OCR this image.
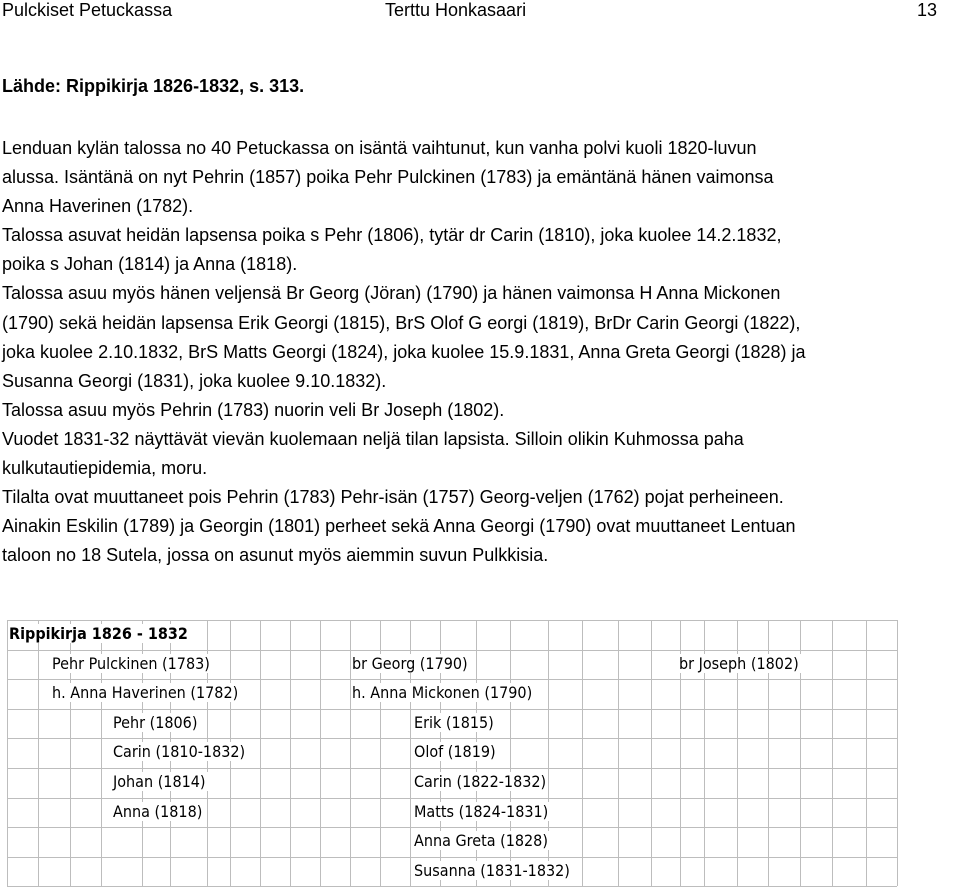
Pulckiset Petuckassa	Terttu Honkasaari	13
Lähde: Rippikirja 1826-1832, s. 313.

Lenduan kylän talossa no 40 Petuckassa on isäntä vaihtunut, kun vanha polvi kuoli 1820-luvun

alussa. Isäntänä on nyt Pehrin (1857) poika Pehr Pulckinen (1783) ja emäntänä hänen vaimonsa

Anna Haverinen (1782).

Talossa asuvat heidän lapsensa poika s Pehr (1806), tytär dr Carin (1810), joka kuolee 14.2.1832,

poika s Johan (1814) ja Anna (1818).

Talossa asuu myös hänen veljensä Br Georg (Jöran) (1790) ja hänen vaimonsa H Anna Mickonen

(1790) sekä heidän lapsensa Erik Georgi (1815), BrS Olof G eorgi (1819), BrDr Carin Georgi (1822),

joka kuolee 2.10.1832, BrS Matts Georgi (1824), joka kuolee 15.9.1831, Anna Greta Georgi (1828) ja

Susanna Georgi (1831), joka kuolee 9.10.1832).

Talossa asuu myös Pehrin (1783) nuorin veli Br Joseph (1802).

Vuodet 1831-32 näyttävät vievän kuolemaan neljä tilan lapsista. Silloin olikin Kuhmossa paha

kulkutautiepidemia, moru.

Tilalta ovat muuttaneet pois Pehrin (1783) Pehr-isän (1757) Georg-veljen (1762) pojat perheineen.

Ainakin Eskilin (1789) ja Georgin (1801) perheet sekä Anna Georgi (1790) ovat muuttaneet Lentuan

taloon no 18 Sutela, jossa on asunut myös aiemmin suvun Pulkkisia.

Rippikirja 1826 - 1832
Pehr Pulckinen (1783)
h. Anna Haverinen (1782)
Pehr (1806)
Carin (1810-1832)
Johan (1814)
Anna (1818)
br Georg (1790)
h. Anna Mickonen (1790)
Erik (1815)
Olof (1819)
Carin (1822-1832)
Matts (1824-1831)
Anna Greta (1828)
Susanna (1831-1832)
br Joseph (1802)
